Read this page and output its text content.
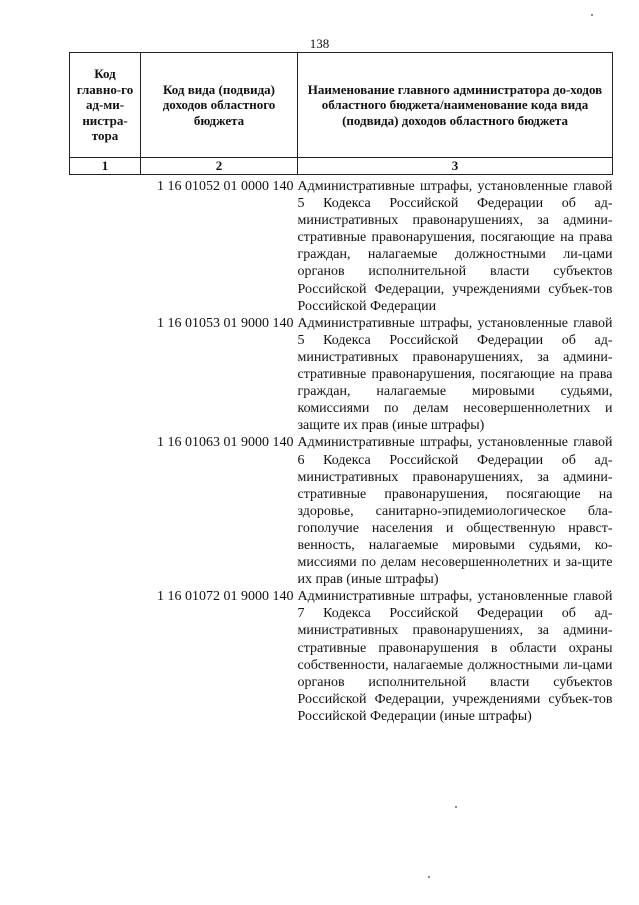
138
Код главно-го ад-ми-нистра-тора	Код вида (подвида) доходов областного бюджета	Наименование главного администратора до-ходов областного бюджета/наименование кода вида (подвида) доходов областного бюджета
1	2	3
	1 16 01052 01 0000 140	Административные штрафы, установленные главой 5 Кодекса Российской Федерации об ад-министративных правонарушениях, за админи-стративные правонарушения, посягающие на права граждан, налагаемые должностными ли-цами органов исполнительной власти субъектов Российской Федерации, учреждениями субъек-тов Российской Федерации
	1 16 01053 01 9000 140	Административные штрафы, установленные главой 5 Кодекса Российской Федерации об ад-министративных правонарушениях, за админи-стративные правонарушения, посягающие на права граждан, налагаемые мировыми судьями, комиссиями по делам несовершеннолетних и защите их прав (иные штрафы)
	1 16 01063 01 9000 140	Административные штрафы, установленные главой 6 Кодекса Российской Федерации об ад-министративных правонарушениях, за админи-стративные правонарушения, посягающие на здоровье, санитарно-эпидемиологическое бла-гополучие населения и общественную нравст-венность, налагаемые мировыми судьями, ко-миссиями по делам несовершеннолетних и за-щите их прав (иные штрафы)
	1 16 01072 01 9000 140	Административные штрафы, установленные главой 7 Кодекса Российской Федерации об ад-министративных правонарушениях, за админи-стративные правонарушения в области охраны собственности, налагаемые должностными ли-цами органов исполнительной власти субъектов Российской Федерации, учреждениями субъек-тов Российской Федерации (иные штрафы)
